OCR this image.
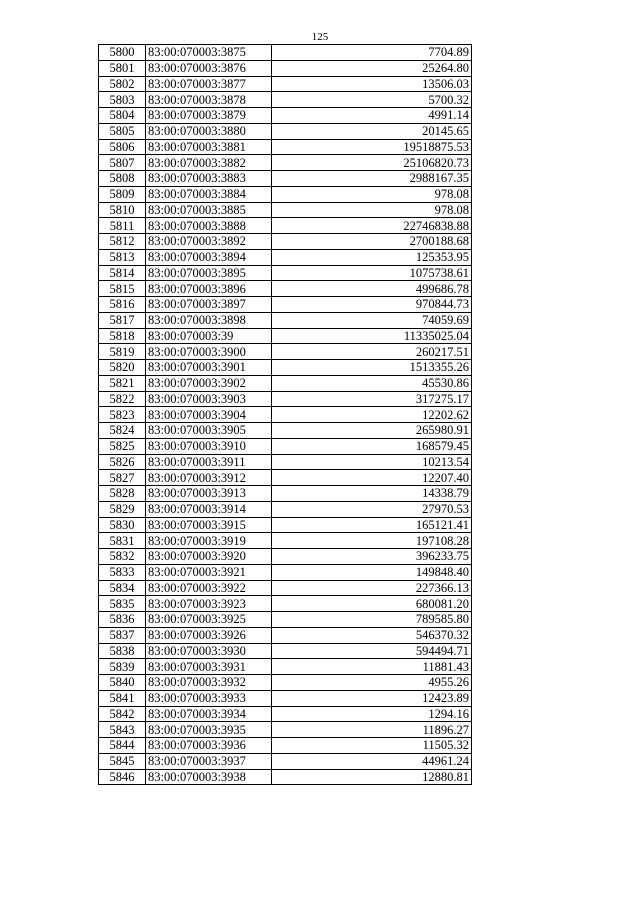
125
5800	83:00:070003:3875	7704.89
5801	83:00:070003:3876	25264.80
5802	83:00:070003:3877	13506.03
5803	83:00:070003:3878	5700.32
5804	83:00:070003:3879	4991.14
5805	83:00:070003:3880	20145.65
5806	83:00:070003:3881	19518875.53
5807	83:00:070003:3882	25106820.73
5808	83:00:070003:3883	2988167.35
5809	83:00:070003:3884	978.08
5810	83:00:070003:3885	978.08
5811	83:00:070003:3888	22746838.88
5812	83:00:070003:3892	2700188.68
5813	83:00:070003:3894	125353.95
5814	83:00:070003:3895	1075738.61
5815	83:00:070003:3896	499686.78
5816	83:00:070003:3897	970844.73
5817	83:00:070003:3898	74059.69
5818	83:00:070003:39	11335025.04
5819	83:00:070003:3900	260217.51
5820	83:00:070003:3901	1513355.26
5821	83:00:070003:3902	45530.86
5822	83:00:070003:3903	317275.17
5823	83:00:070003:3904	12202.62
5824	83:00:070003:3905	265980.91
5825	83:00:070003:3910	168579.45
5826	83:00:070003:3911	10213.54
5827	83:00:070003:3912	12207.40
5828	83:00:070003:3913	14338.79
5829	83:00:070003:3914	27970.53
5830	83:00:070003:3915	165121.41
5831	83:00:070003:3919	197108.28
5832	83:00:070003:3920	396233.75
5833	83:00:070003:3921	149848.40
5834	83:00:070003:3922	227366.13
5835	83:00:070003:3923	680081.20
5836	83:00:070003:3925	789585.80
5837	83:00:070003:3926	546370.32
5838	83:00:070003:3930	594494.71
5839	83:00:070003:3931	11881.43
5840	83:00:070003:3932	4955.26
5841	83:00:070003:3933	12423.89
5842	83:00:070003:3934	1294.16
5843	83:00:070003:3935	11896.27
5844	83:00:070003:3936	11505.32
5845	83:00:070003:3937	44961.24
5846	83:00:070003:3938	12880.81
